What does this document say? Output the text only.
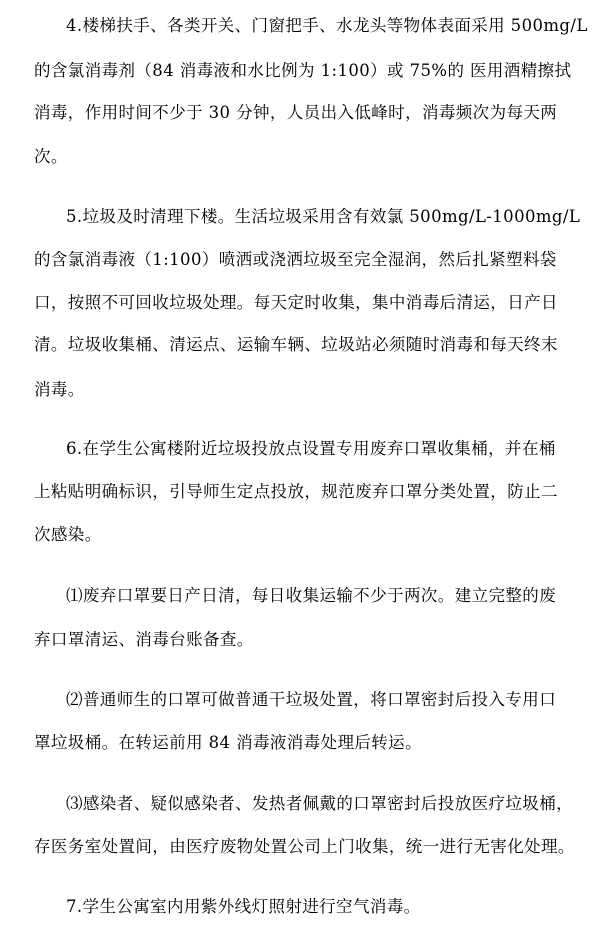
4.楼梯扶手、各类开关、门窗把手、水龙头等物体表面采用 500mg/L

的含氯消毒剂（84 消毒液和水比例为 1:100）或 75%的 医用酒精擦拭

消毒，作用时间不少于 30 分钟，人员出入低峰时，消毒频次为每天两

次。

5.垃圾及时清理下楼。生活垃圾采用含有效氯 500mg/L-1000mg/L

的含氯消毒液（1:100）喷洒或浇洒垃圾至完全湿润，然后扎紧塑料袋

口，按照不可回收垃圾处理。每天定时收集，集中消毒后清运，日产日

清。垃圾收集桶、清运点、运输车辆、垃圾站必须随时消毒和每天终末

消毒。

6.在学生公寓楼附近垃圾投放点设置专用废弃口罩收集桶，并在桶

上粘贴明确标识，引导师生定点投放，规范废弃口罩分类处置，防止二

次感染。

⑴废弃口罩要日产日清，每日收集运输不少于两次。建立完整的废

弃口罩清运、消毒台账备查。

⑵普通师生的口罩可做普通干垃圾处置，将口罩密封后投入专用口

罩垃圾桶。在转运前用 84 消毒液消毒处理后转运。

⑶感染者、疑似感染者、发热者佩戴的口罩密封后投放医疗垃圾桶，

存医务室处置间，由医疗废物处置公司上门收集，统一进行无害化处理。

7.学生公寓室内用紫外线灯照射进行空气消毒。
